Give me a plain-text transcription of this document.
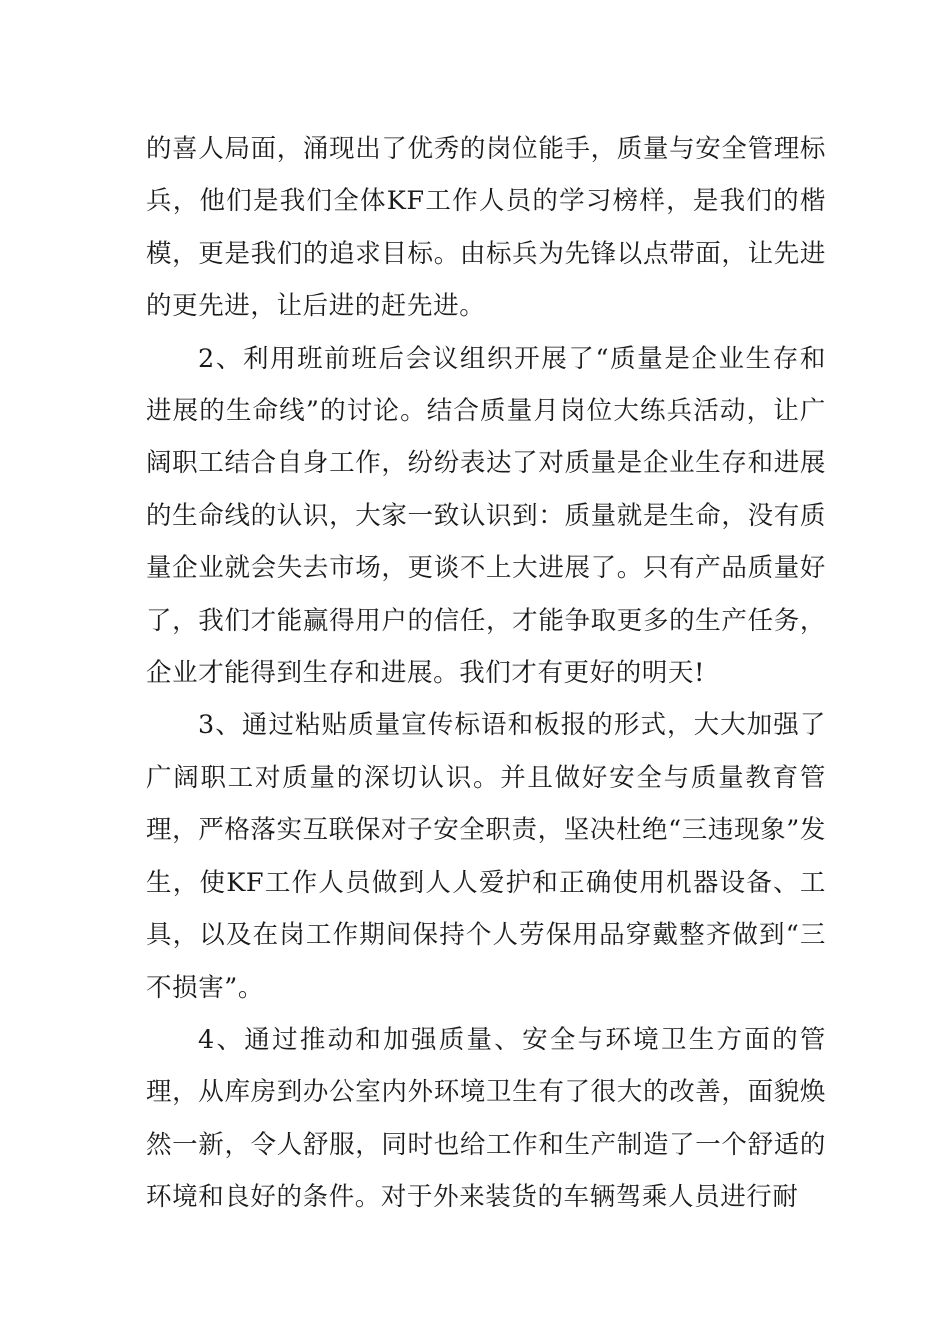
的喜人局面，涌现出了优秀的岗位能手，质量与安全管理标兵，他们是我们全体KF工作人员的学习榜样，是我们的楷模，更是我们的追求目标。由标兵为先锋以点带面，让先进的更先进，让后进的赶先进。

2、利用班前班后会议组织开展了“质量是企业生存和进展的生命线”的讨论。结合质量月岗位大练兵活动，让广阔职工结合自身工作，纷纷表达了对质量是企业生存和进展的生命线的认识，大家一致认识到：质量就是生命，没有质量企业就会失去市场，更谈不上大进展了。只有产品质量好了，我们才能赢得用户的信任，才能争取更多的生产任务，企业才能得到生存和进展。我们才有更好的明天!

3、通过粘贴质量宣传标语和板报的形式，大大加强了广阔职工对质量的深切认识。并且做好安全与质量教育管理，严格落实互联保对子安全职责，坚决杜绝“三违现象”发生，使KF工作人员做到人人爱护和正确使用机器设备、工具，以及在岗工作期间保持个人劳保用品穿戴整齐做到“三不损害”。

4、通过推动和加强质量、安全与环境卫生方面的管理，从库房到办公室内外环境卫生有了很大的改善，面貌焕然一新，令人舒服，同时也给工作和生产制造了一个舒适的环境和良好的条件。对于外来装货的车辆驾乘人员进行耐
